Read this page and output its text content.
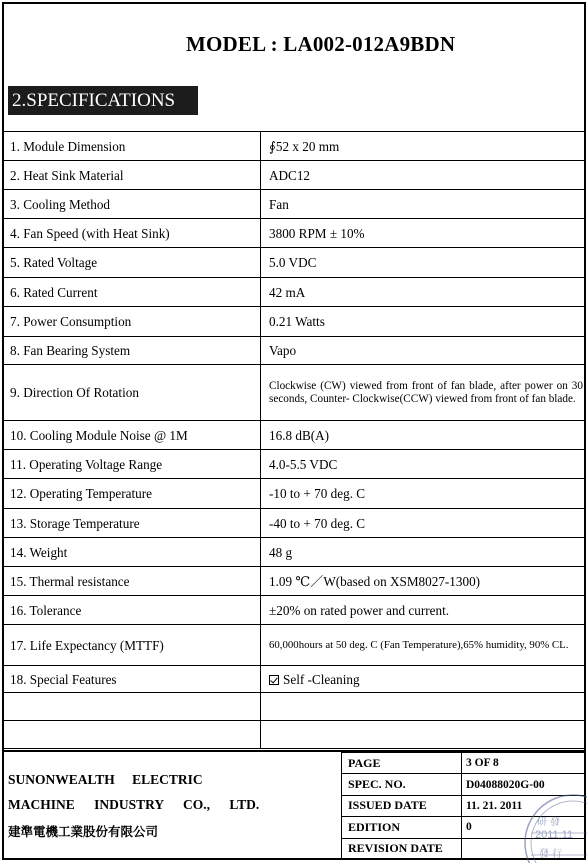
MODEL : LA002-012A9BDN
2.SPECIFICATIONS
1. Module Dimension	∮52 x 20 mm
2. Heat Sink Material	ADC12
3. Cooling Method	Fan
4. Fan Speed (with Heat Sink)	3800 RPM ± 10%
5. Rated Voltage	5.0 VDC
6. Rated Current	42 mA
7. Power Consumption	0.21 Watts
8. Fan Bearing System	Vapo
9. Direction Of Rotation	Clockwise (CW) viewed from front of fan blade, after power on 30 seconds, Counter- Clockwise(CCW) viewed from front of fan blade.
10. Cooling Module Noise @ 1M	16.8 dB(A)
11. Operating Voltage Range	4.0-5.5 VDC
12. Operating Temperature	-10 to + 70 deg. C
13. Storage Temperature	-40 to + 70 deg. C
14. Weight	48 g
15. Thermal resistance	1.09 ℃／W(based on XSM8027-1300)
16. Tolerance	±20% on rated power and current.
17. Life Expectancy (MTTF)	60,000hours at 50 deg. C (Fan Temperature),65% humidity, 90% CL.
18. Special Features	Self -Cleaning

SUNONWEALTH ELECTRIC
MACHINE INDUSTRY CO., LTD.
建準電機工業股份有限公司
PAGE	3 OF 8
SPEC. NO.	D04088020G-00
ISSUED DATE	11. 21. 2011
EDITION	0
REVISION DATE	
研 發
2011.11
發 行
